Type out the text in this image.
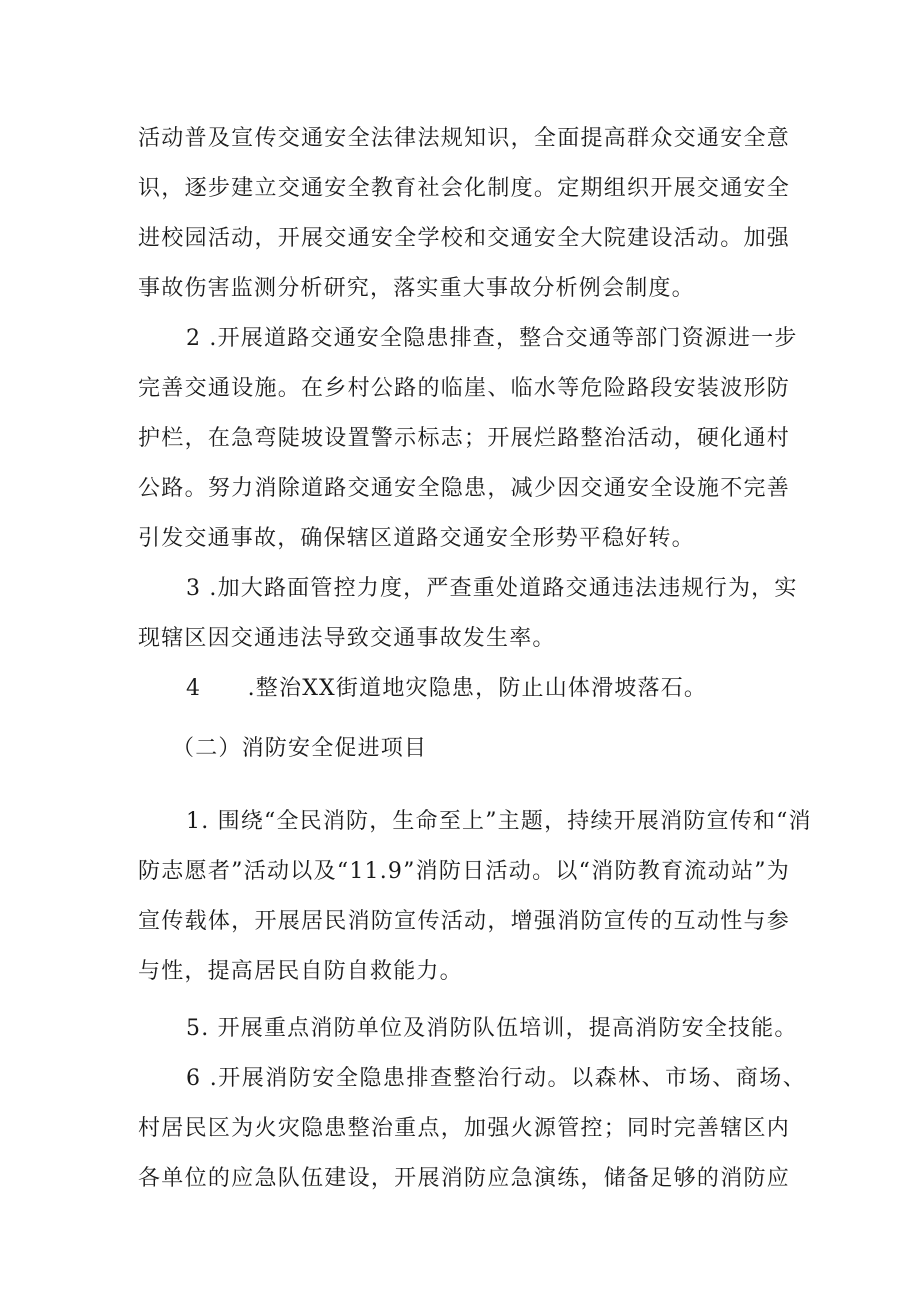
活动普及宣传交通安全法律法规知识，全面提高群众交通安全意

识，逐步建立交通安全教育社会化制度。定期组织开展交通安全

进校园活动，开展交通安全学校和交通安全大院建设活动。加强

事故伤害监测分析研究，落实重大事故分析例会制度。

2 .开展道路交通安全隐患排查，整合交通等部门资源进一步

完善交通设施。在乡村公路的临崖、临水等危险路段安装波形防

护栏，在急弯陡坡设置警示标志；开展烂路整治活动，硬化通村

公路。努力消除道路交通安全隐患，减少因交通安全设施不完善

引发交通事故，确保辖区道路交通安全形势平稳好转。

3 .加大路面管控力度，严查重处道路交通违法违规行为，实

现辖区因交通违法导致交通事故发生率。

4　　.整治XX街道地灾隐患，防止山体滑坡落石。

（二）消防安全促进项目

1. 围绕“全民消防，生命至上”主题，持续开展消防宣传和“消

防志愿者”活动以及“11.9”消防日活动。以“消防教育流动站”为

宣传载体，开展居民消防宣传活动，增强消防宣传的互动性与参

与性，提高居民自防自救能力。

5. 开展重点消防单位及消防队伍培训，提高消防安全技能。

6 .开展消防安全隐患排查整治行动。以森林、市场、商场、

村居民区为火灾隐患整治重点，加强火源管控；同时完善辖区内

各单位的应急队伍建设，开展消防应急演练，储备足够的消防应
